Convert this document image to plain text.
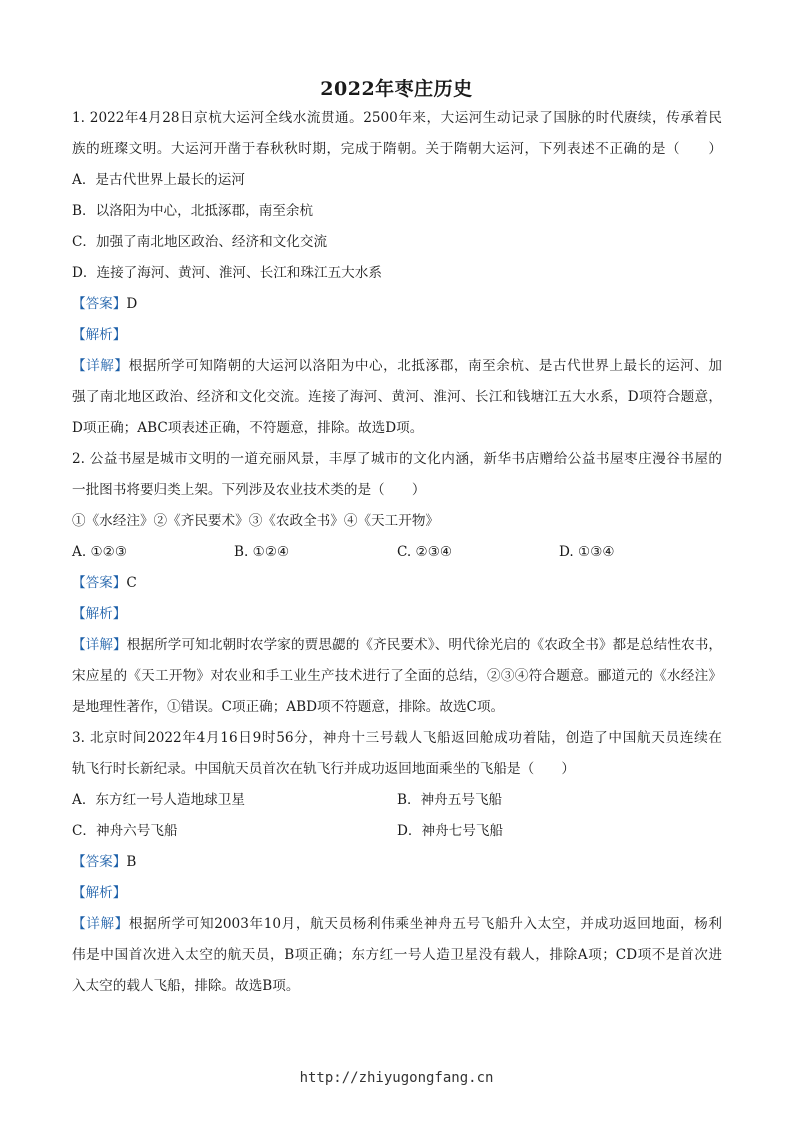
2022年枣庄历史
1. 2022年4月28日京杭大运河全线水流贯通。2500年来，大运河生动记录了国脉的时代赓续，传承着民
族的班璨文明。大运河开凿于春秋秋时期，完成于隋朝。关于隋朝大运河，下列表述不正确的是（　　）
A．是古代世界上最长的运河
B．以洛阳为中心，北抵涿郡，南至余杭
C．加强了南北地区政治、经济和文化交流
D．连接了海河、黄河、淮河、长江和珠江五大水系
【答案】D
【解析】
【详解】根据所学可知隋朝的大运河以洛阳为中心，北抵涿郡，南至余杭、是古代世界上最长的运河、加
强了南北地区政治、经济和文化交流。连接了海河、黄河、淮河、长江和钱塘江五大水系，D项符合题意，
D项正确；ABC项表述正确，不符题意，排除。故选D项。
2. 公益书屋是城市文明的一道充丽风景，丰厚了城市的文化内涵，新华书店赠给公益书屋枣庄漫谷书屋的
一批图书将要归类上架。下列涉及农业技术类的是（　　）
①《水经注》②《齐民要术》③《农政全书》④《天工开物》
A. ①②③	B. ①②④	C. ②③④	D. ①③④
【答案】C
【解析】
【详解】根据所学可知北朝时农学家的贾思勰的《齐民要术》、明代徐光启的《农政全书》都是总结性农书，
宋应星的《天工开物》对农业和手工业生产技术进行了全面的总结，②③④符合题意。郦道元的《水经注》
是地理性著作，①错误。C项正确；ABD项不符题意，排除。故选C项。
3. 北京时间2022年4月16日9时56分，神舟十三号载人飞船返回舱成功着陆，创造了中国航天员连续在
轨飞行时长新纪录。中国航天员首次在轨飞行并成功返回地面乘坐的飞船是（　　）
A．东方红一号人造地球卫星	B．神舟五号飞船
C．神舟六号飞船	D．神舟七号飞船
【答案】B
【解析】
【详解】根据所学可知2003年10月，航天员杨利伟乘坐神舟五号飞船升入太空，并成功返回地面，杨利
伟是中国首次进入太空的航天员，B项正确；东方红一号人造卫星没有载人，排除A项；CD项不是首次进
入太空的载人飞船，排除。故选B项。
http://zhiyugongfang.cn
